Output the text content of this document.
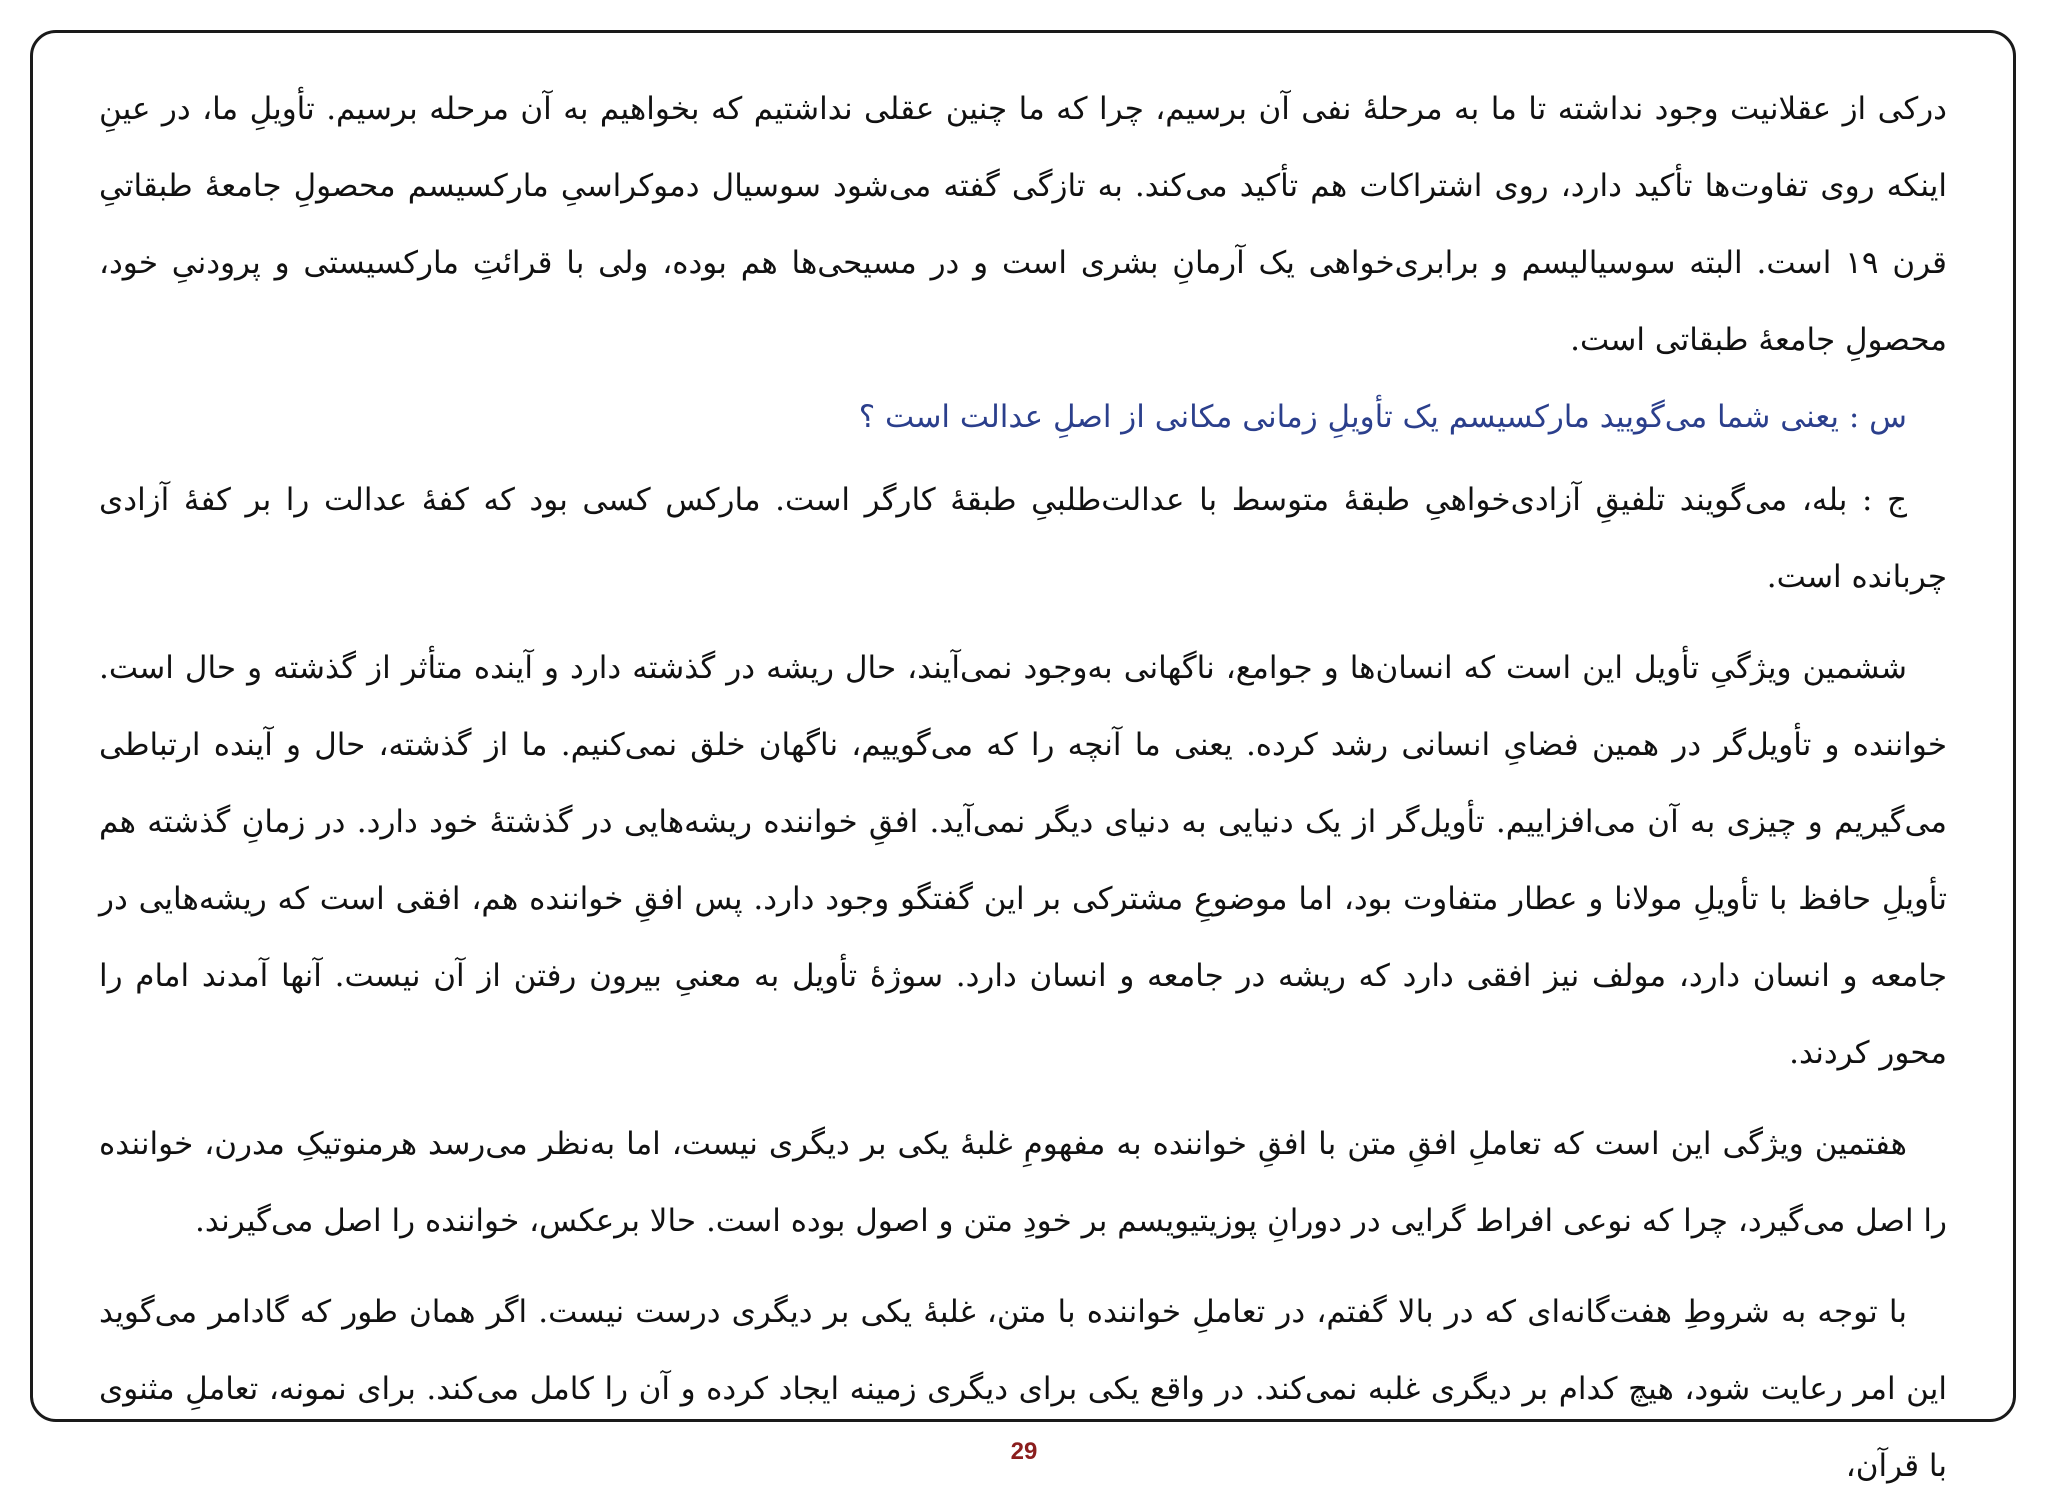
درکی از عقلانیت وجود نداشته تا ما به مرحلهٔ نفی آن برسیم، چرا که ما چنین عقلی نداشتیم که بخواهیم به آن مرحله برسیم. تأویلِ ما، در عینِ اینکه روی تفاوت‌ها تأکید دارد، روی اشتراکات هم تأکید می‌کند. به تازگی گفته می‌شود سوسیال دموکراسیِ مارکسیسم محصولِ جامعهٔ طبقاتیِ قرن ۱۹ است. البته سوسیالیسم و برابری‌خواهی یک آرمانِ بشری است و در مسیحی‌ها هم بوده، ولی با قرائتِ مارکسیستی و پرودنیِ خود، محصولِ جامعهٔ طبقاتی است.

س : یعنی شما می‌گویید مارکسیسم یک تأویلِ زمانی مکانی از اصلِ عدالت است ؟

ج : بله، می‌گویند تلفیقِ آزادی‌خواهیِ طبقهٔ متوسط با عدالت‌طلبیِ طبقهٔ کارگر است. مارکس کسی بود که کفهٔ عدالت را بر کفهٔ آزادی چربانده است.

ششمین ویژگیِ تأویل این است که انسان‌ها و جوامع، ناگهانی به‌وجود نمی‌آیند، حال ریشه در گذشته دارد و آینده متأثر از گذشته و حال است. خواننده و تأویل‌گر در همین فضایِ انسانی رشد کرده. یعنی ما آنچه را که می‌گوییم، ناگهان خلق نمی‌کنیم. ما از گذشته، حال و آینده ارتباطی می‌گیریم و چیزی به آن می‌افزاییم. تأویل‌گر از یک دنیایی به دنیای دیگر نمی‌آید. افقِ خواننده ریشه‌هایی در گذشتهٔ خود دارد. در زمانِ گذشته هم تأویلِ حافظ با تأویلِ مولانا و عطار متفاوت بود، اما موضوعِ مشترکی بر این گفتگو وجود دارد. پس افقِ خواننده هم، افقی است که ریشه‌هایی در جامعه و انسان دارد، مولف نیز افقی دارد که ریشه در جامعه و انسان دارد. سوژهٔ تأویل به معنیِ بیرون رفتن از آن نیست. آنها آمدند امام را محور کردند.

هفتمین ویژگی این است که تعاملِ افقِ متن با افقِ خواننده به مفهومِ غلبهٔ یکی بر دیگری نیست، اما به‌نظر می‌رسد هرمنوتیکِ مدرن، خواننده را اصل می‌گیرد، چرا که نوعی افراط گرایی در دورانِ پوزیتیویسم بر خودِ متن و اصول بوده است. حالا برعکس، خواننده را اصل می‌گیرند.

با توجه به شروطِ هفت‌گانه‌ای که در بالا گفتم، در تعاملِ خواننده با متن، غلبهٔ یکی بر دیگری درست نیست. اگر همان طور که گادامر می‌گوید این امر رعایت شود، هیچ کدام بر دیگری غلبه نمی‌کند. در واقع یکی برای دیگری زمینه ایجاد کرده و آن را کامل می‌کند. برای نمونه، تعاملِ مثنوی با قرآن،

29
